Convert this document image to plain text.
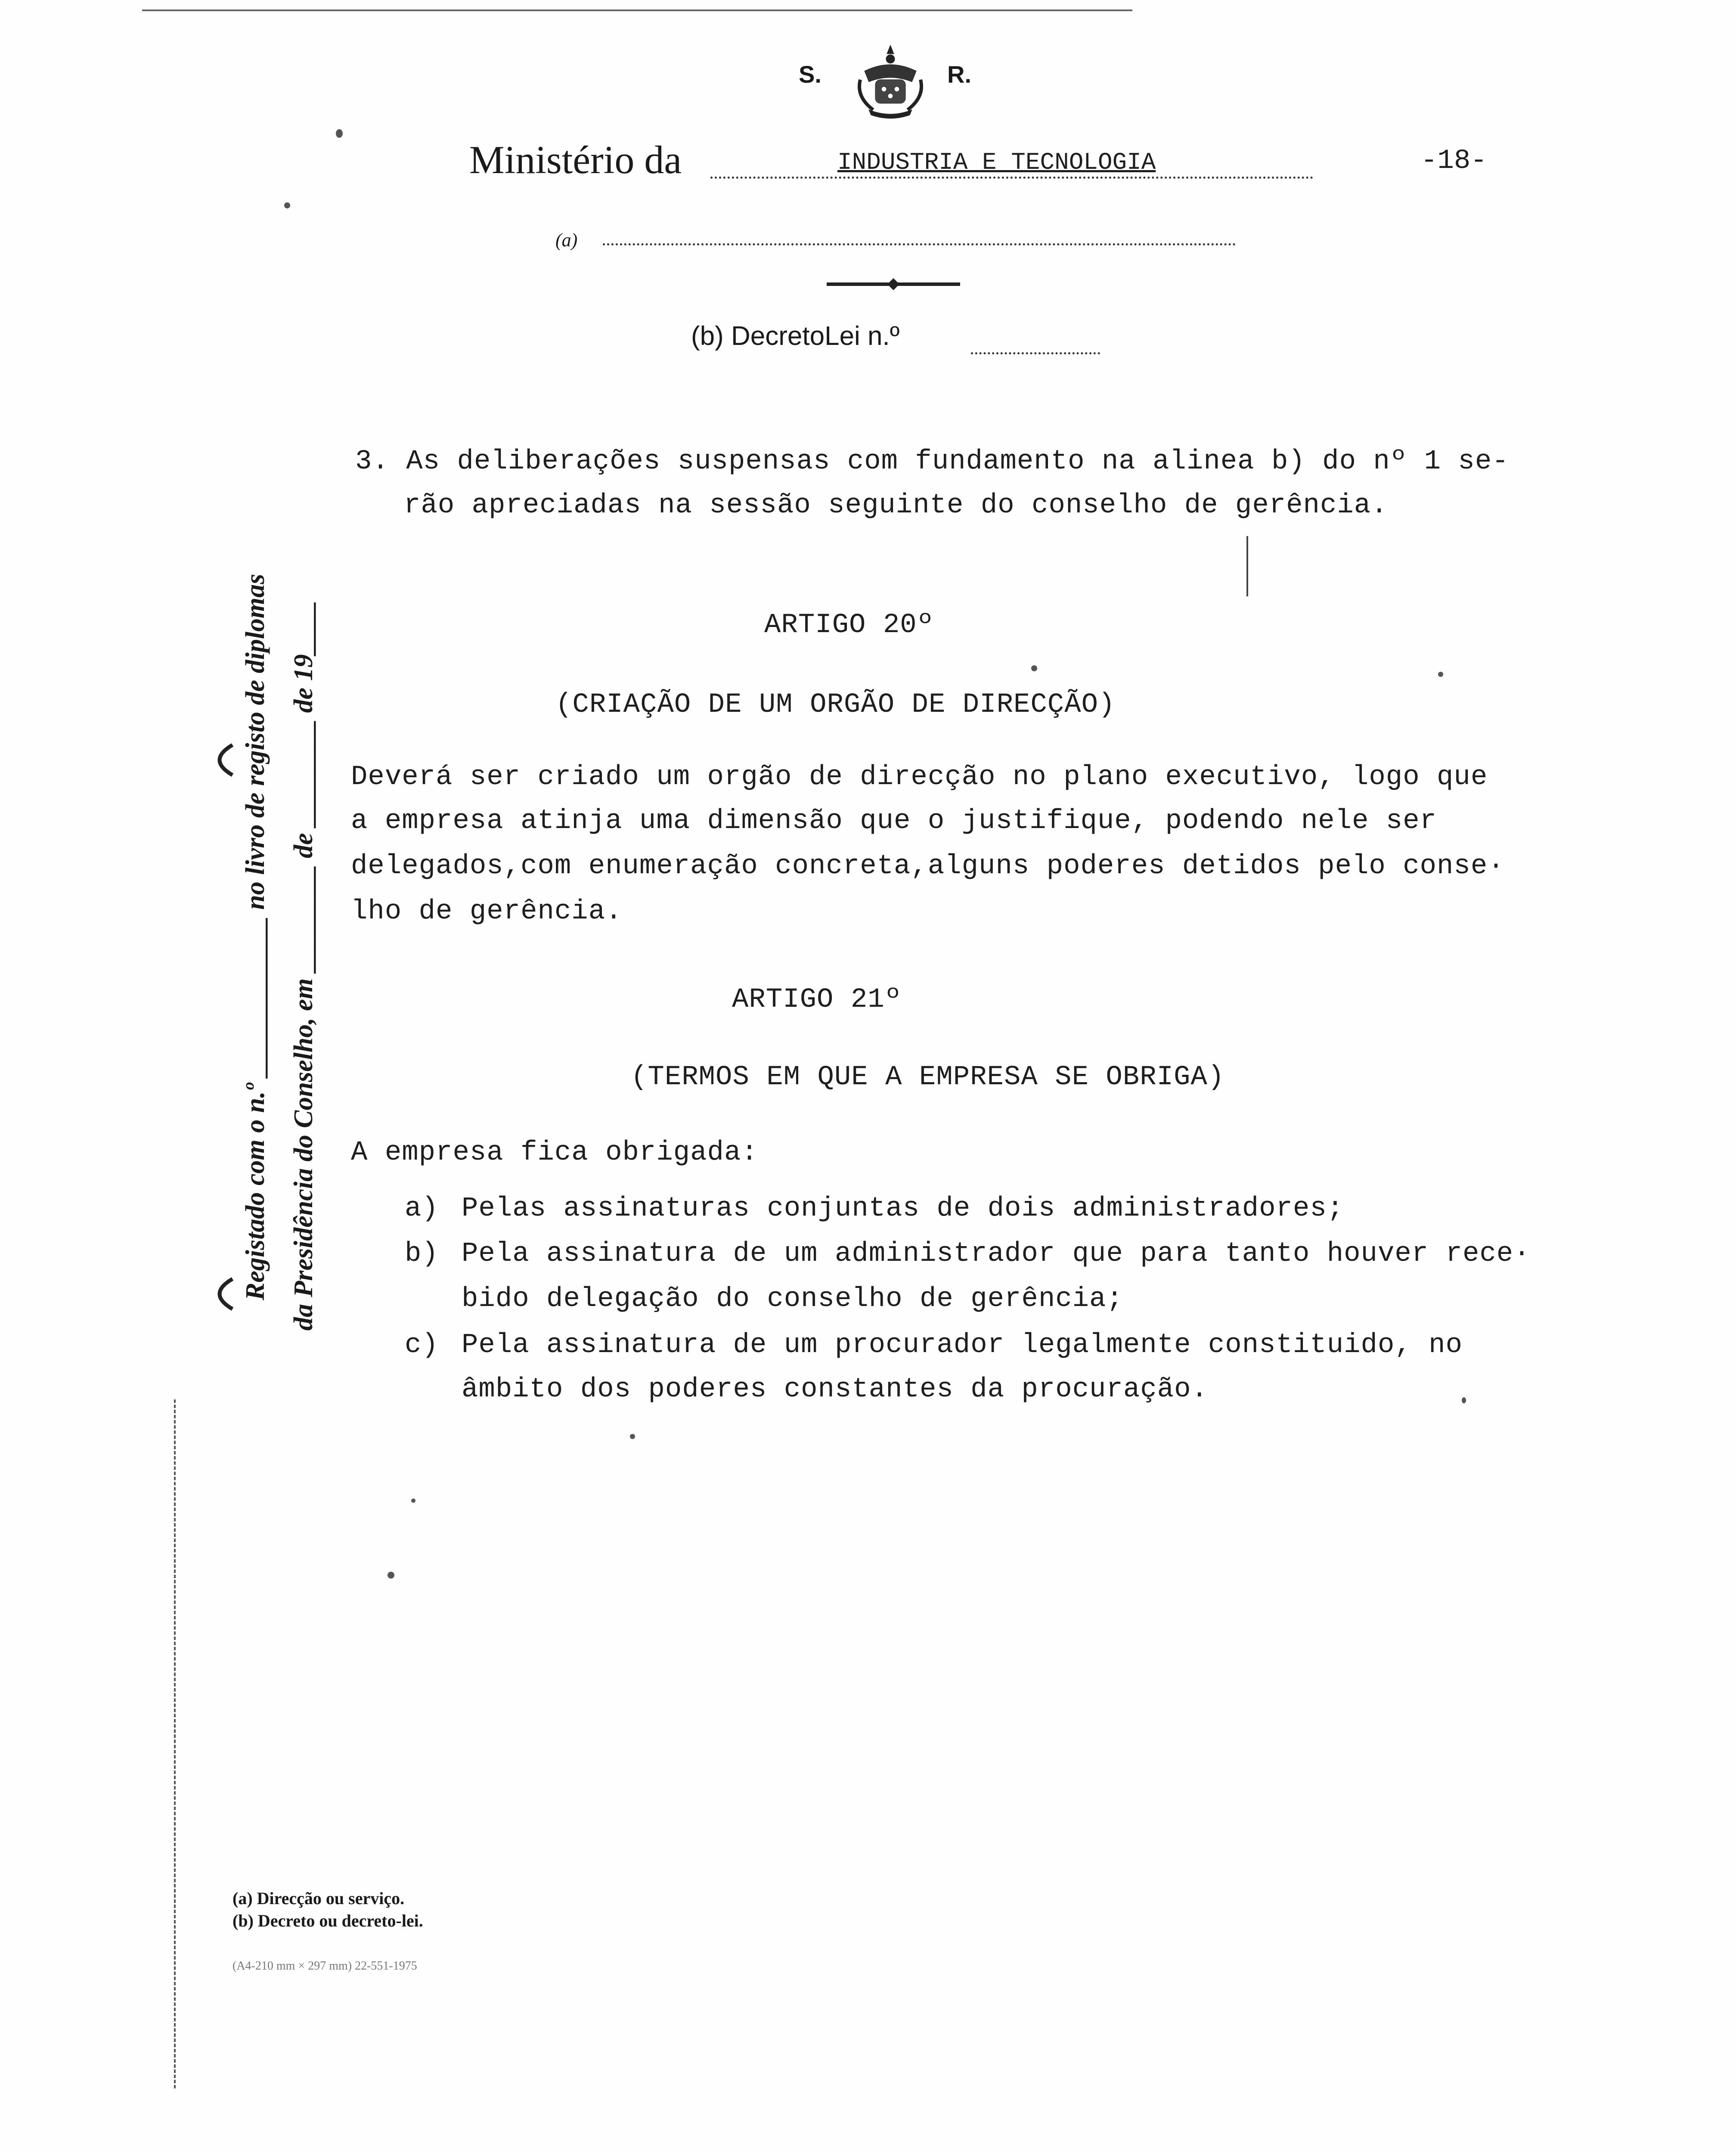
S.	R.
Ministério da	INDUSTRIA E TECNOLOGIA	-18-
(a)
(b) DecretoLei n.º
Registado com o n.º ____________ no livro de registo de diplomas da Presidência do Conselho, em ________ de ________ de 19____
3. As deliberações suspensas com fundamento na alinea b) do nº 1 se-
rão apreciadas na sessão seguinte do conselho de gerência.
ARTIGO 20º
(CRIAÇÃO DE UM ORGÃO DE DIRECÇÃO)
Deverá ser criado um orgão de direcção no plano executivo, logo que
a empresa atinja uma dimensão que o justifique, podendo nele ser
delegados,com enumeração concreta,alguns poderes detidos pelo conse·
lho de gerência.
ARTIGO 21º
(TERMOS EM QUE A EMPRESA SE OBRIGA)
A empresa fica obrigada:
a) Pelas assinaturas conjuntas de dois administradores;
b) Pela assinatura de um administrador que para tanto houver rece·
bido delegação do conselho de gerência;
c) Pela assinatura de um procurador legalmente constituido, no
âmbito dos poderes constantes da procuração.
(a) Direcção ou serviço.
(b) Decreto ou decreto-lei.
(A4-210 mm × 297 mm) 22-551-1975
